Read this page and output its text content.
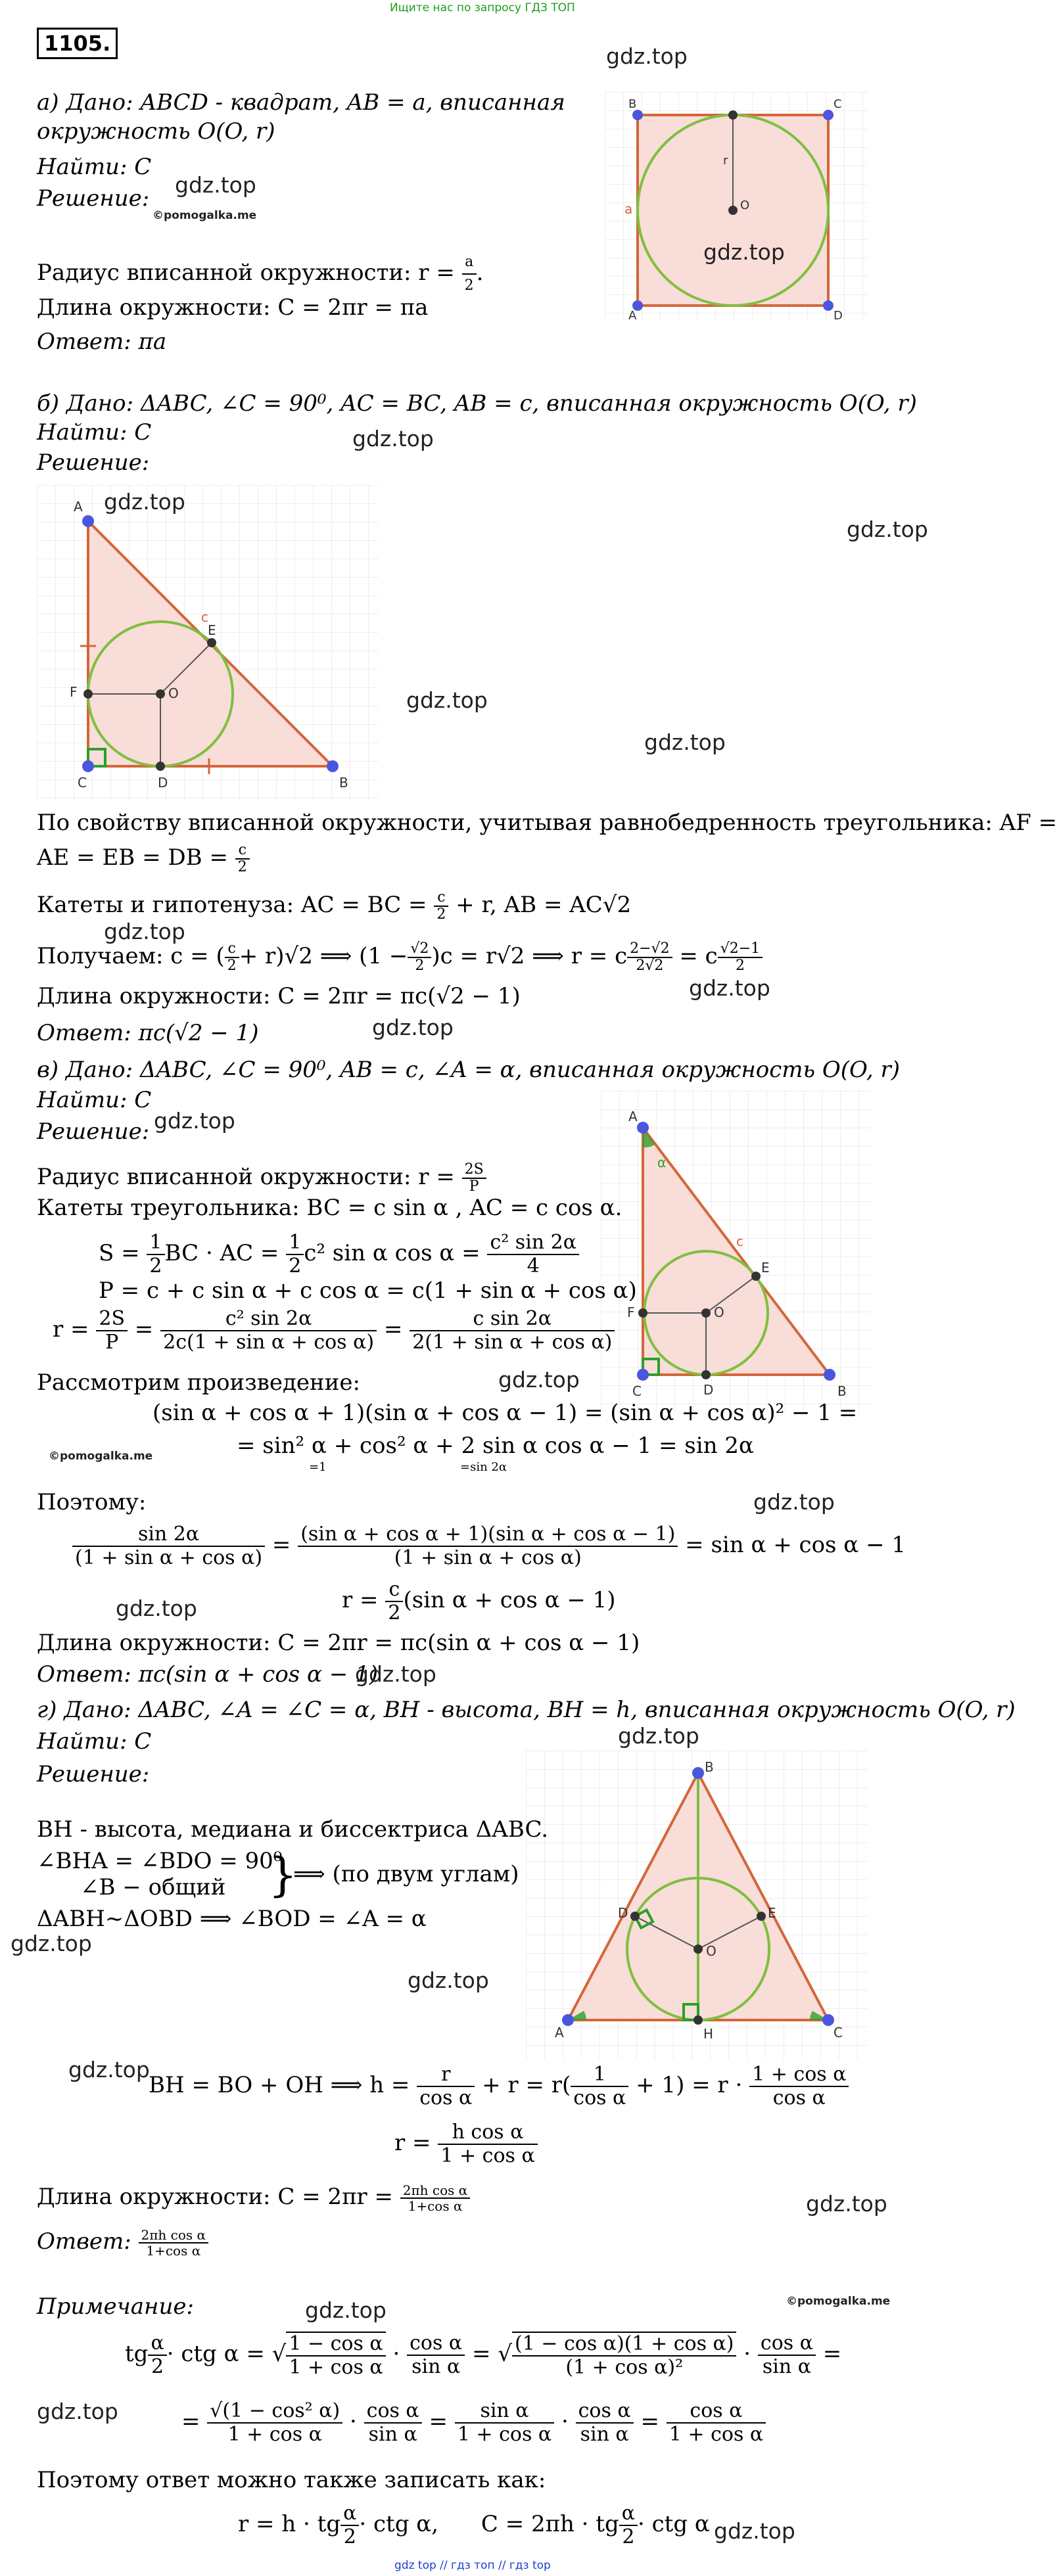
Ищите нас по запросу ГДЗ ТОП
1105.
а) Дано: ABCD - квадрат, AB = a, вписанная
окружность O(O, r)
Найти: C
Решение:
Радиус вписанной окружности: $r = \frac{a}{2}$ .
Длина окружности: C = 2πr = πa
Ответ: πa
B	C
A	D
O
r
a
gdz.top
gdz.top
©pomogalka.me
gdz.top
б) Дано: ΔABC, ∠C = 90⁰, AC = BC, AB = c, вписанная окружность O(O, r)
Найти: C
Решение:
gdz.top
A
C	B
D
E
F	O
c
gdz.top
gdz.top
gdz.top
gdz.top
По свойству вписанной окружности, учитывая равнобедренность треугольника: AF =
AE = EB = DB = $\frac{c}{2}$
Катеты и гипотенуза: AC = BC = $\frac{c}{2} + r$, AB = AC√2
gdz.top
Получаем: c = ( $\frac{c}{2} + r)√2$ ⟹ $(1 - \frac{√2}{2} )c = r√2$ ⟹ r = c $\frac{2-√2}{2√2} = c \frac{√2-1}{2}$
gdz.top
Длина окружности: C = 2πr = πc(√2 − 1)
Ответ: πc(√2 − 1)	gdz.top
в) Дано: ΔABC, ∠C = 90⁰, AB = c, ∠A = α, вписанная окружность O(O, r)
Найти: C
Решение: gdz.top	A
C	B
D
E
F	O
c
α
Радиус вписанной окружности: $r = \frac{2S}{P}$
Катеты треугольника: BC = c sin α , AC = c cos α.
$S = \frac{1}{2}$ BC · AC = $\frac{1}{2} c^2$ sin α $\cos \alpha = \frac{\text{c² sin 2α}}{4}$
P = c + c sin α + c cos α = c(1 + sin α + cos α)
$r = \frac{2S}{P} = \frac{\text{c² sin 2α}}{\text{2c(1 + sin α + cos α)}} = \frac{\text{c sin 2α}}{\text{2(1 + sin α + cos α)}}$
Рассмотрим произведение:	gdz.top
(sin α + cos α + 1)(sin α + cos α − 1) = (sin α + cos α)² − 1 =
= sin² α + cos² α + 2 sin α cos α − 1 = sin 2α
=1	=sin 2α
©pomogalka.me
Поэтому:	gdz.top
$\frac{\sin 2\alpha}{\text{(1 + sin α + cos α)}} = \frac{\text{(sin α + cos α + 1)(sin α + cos α − 1)}}{\text{(1 + sin α + cos α)}} = \sin \alpha + \cos \alpha - 1$
$r = \frac{c}{2} (\sin$ α + cos α − 1)
gdz.top
Длина окружности: C = 2πr = πc(sin α + cos α − 1)
Ответ: πc(sin α + cos α − 1)
gdz.top
г) Дано: ΔABC, ∠A = ∠C = α, BH - высота, BH = h, вписанная окружность O(O, r)
gdz.top
Найти: C
Решение:	B
A	C
D	E
H
O
BH - высота, медиана и биссектриса ΔABC.
∠BHA = ∠BDO = 90⁰
∠B − общий }
⟹ (по двум углам)
ΔABH~ΔOBD ⟹ ∠BOD = ∠A = α
gdz.top
gdz.top
gdz.top
BH = BO + OH ⟹ $h = \frac{r}{\text{cos α}} + r = r( \frac{1}{\text{cos α}} + 1) = r \cdot \frac{\text{1 + cos α}}{\text{cos α}}$
$r = \frac{\text{h cos α}}{\text{1 + cos α}}$
Длина окружности: $C = 2\pi r = \frac{\text{2πh cos α}}{\text{1+cos α}}$	gdz.top
Ответ: $\frac{\text{2πh cos α}}{\text{1+cos α}}$
Примечание:	©pomogalka.me
gdz.top
tg $\frac{\alpha}{2}$ · ctg α = √ $\frac{\text{1 − cos α}}{\text{1 + cos α}} \cdot \frac{\text{cos α}}{\text{sin α}}$ = √ $\frac{\text{(1 − cos α)(1 + cos α)}}{\text{(1 + cos α)²}} \cdot \frac{\text{cos α}}{\text{sin α}}$ =
gdz.top	= $\frac{\text{√(1 − cos² α)}}{\text{1 + cos α}} \cdot \frac{\text{cos α}}{\text{sin α}} = \frac{\text{sin α}}{\text{1 + cos α}} \cdot \frac{\text{cos α}}{\text{sin α}} = \frac{\text{cos α}}{\text{1 + cos α}}$
Поэтому ответ можно также записать как:
r = h · tg $\frac{\alpha}{2}$ · ctg α,      C = 2πh · tg $\frac{\alpha}{2}$ · ctg α gdz.top
gdz top // гдз топ // гдз top
